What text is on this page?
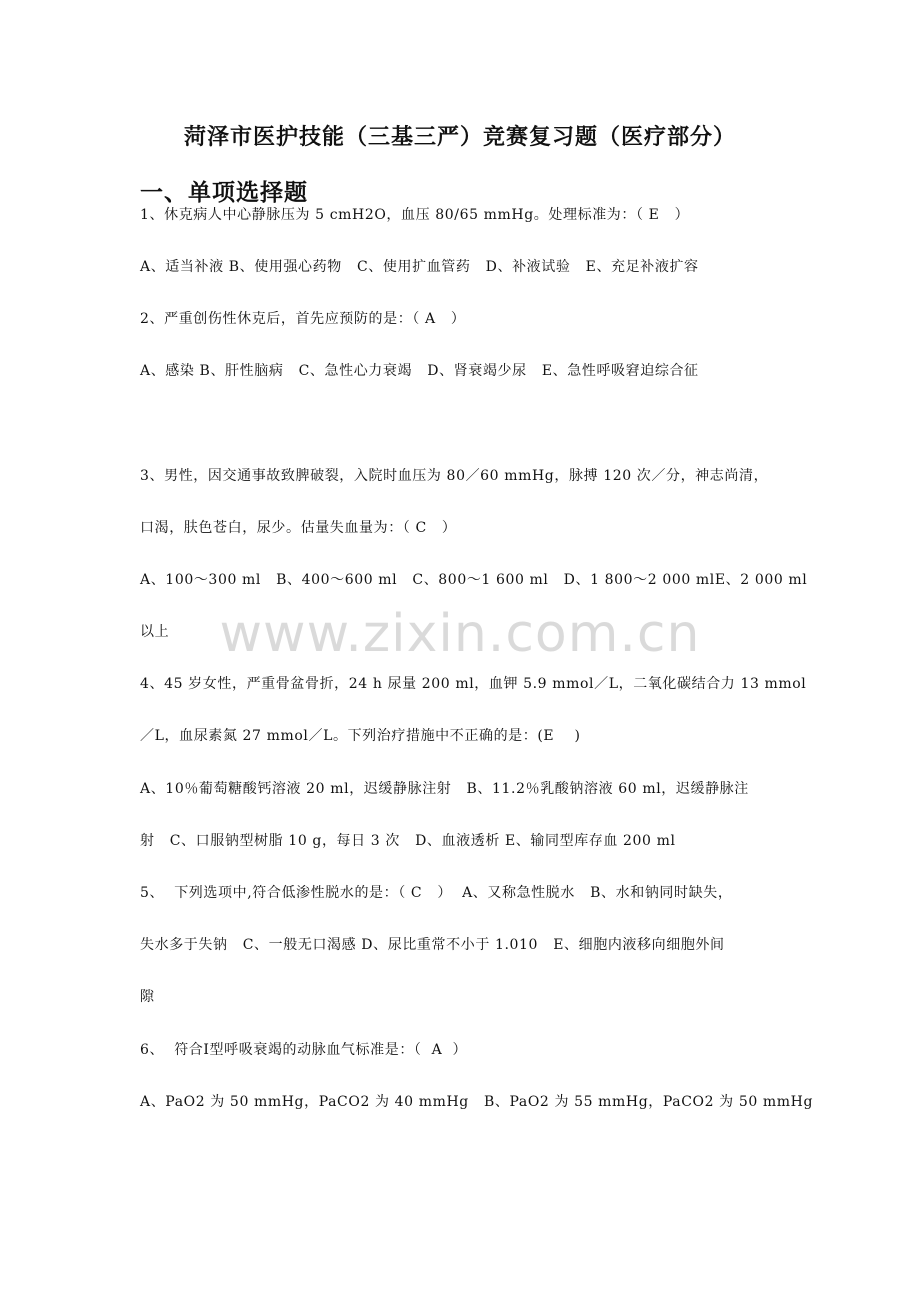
菏泽市医护技能（三基三严）竞赛复习题（医疗部分）
一、单项选择题
1、休克病人中心静脉压为 5 cmH2O，血压 80/65 mmHg。处理标准为：（ E   ）
A、适当补液 B、使用强心药物   C、使用扩血管药   D、补液试验   E、充足补液扩容
2、严重创伤性休克后，首先应预防的是：（ A   ）
A、感染 B、肝性脑病   C、急性心力衰竭   D、肾衰竭少尿   E、急性呼吸窘迫综合征
3、男性，因交通事故致脾破裂，入院时血压为 80／60 mmHg，脉搏 120 次／分，神志尚清，
口渴，肤色苍白，尿少。估量失血量为：（ C   ）
A、100～300 ml   B、400～600 ml   C、800～1 600 ml   D、1 800～2 000 mlE、2 000 ml
以上
4、45 岁女性，严重骨盆骨折，24 h 尿量 200 ml，血钾 5.9 mmol／L，二氧化碳结合力 13 mmol
／L，血尿素氮 27 mmol／L。下列治疗措施中不正确的是：(E    )
A、10％葡萄糖酸钙溶液 20 ml，迟缓静脉注射   B、11.2％乳酸钠溶液 60 ml，迟缓静脉注
射   C、口服钠型树脂 10 g，每日 3 次   D、血液透析 E、输同型库存血 200 ml
5、  下列选项中,符合低渗性脱水的是：（ C   ）  A、又称急性脱水   B、水和钠同时缺失，
失水多于失钠   C、一般无口渴感 D、尿比重常不小于 1.010   E、细胞内液移向细胞外间
隙
6、  符合Ⅰ型呼吸衰竭的动脉血气标准是：（  A  ）
A、PaO2 为 50 mmHg，PaCO2 为 40 mmHg   B、PaO2 为 55 mmHg，PaCO2 为 50 mmHg
www.zixin.com.cn
